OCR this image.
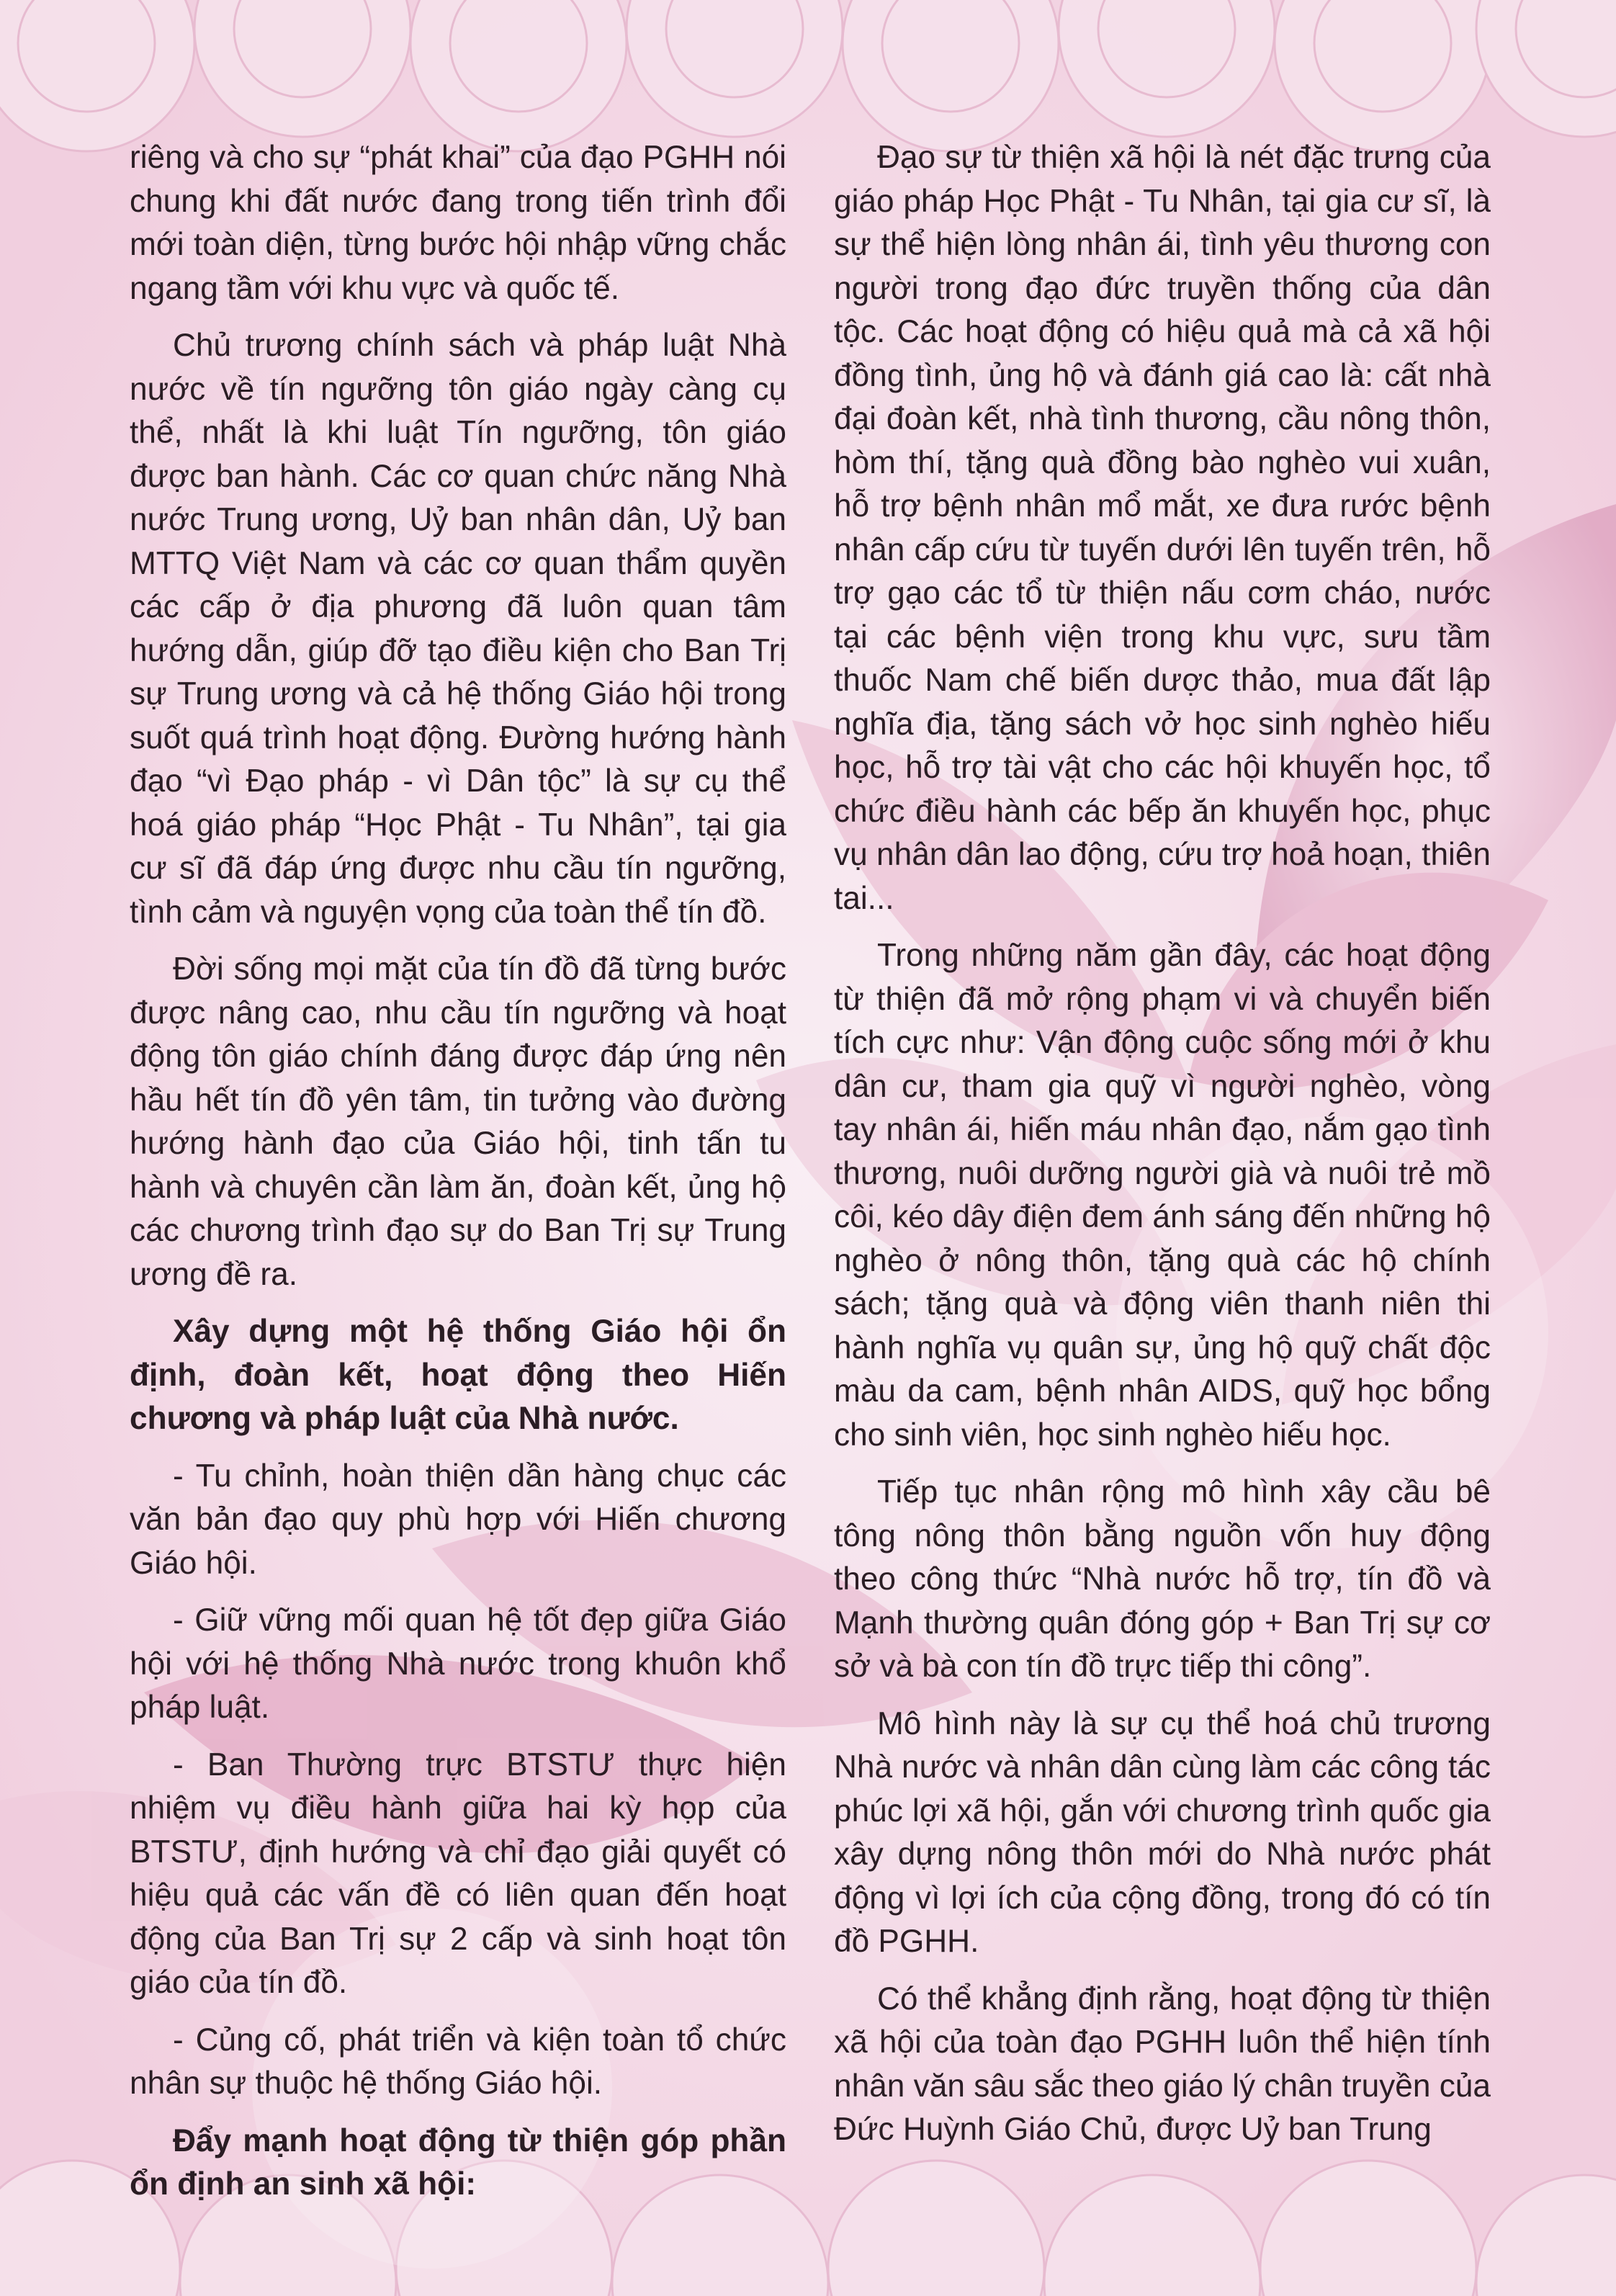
riêng và cho sự “phát khai” của đạo PGHH nói chung khi đất nước đang trong tiến trình đổi mới toàn diện, từng bước hội nhập vững chắc ngang tầm với khu vực và quốc tế.

Chủ trương chính sách và pháp luật Nhà nước về tín ngưỡng tôn giáo ngày càng cụ thể, nhất là khi luật Tín ngưỡng, tôn giáo được ban hành. Các cơ quan chức năng Nhà nước Trung ương, Uỷ ban nhân dân, Uỷ ban MTTQ Việt Nam và các cơ quan thẩm quyền các cấp ở địa phương đã luôn quan tâm hướng dẫn, giúp đỡ tạo điều kiện cho Ban Trị sự Trung ương và cả hệ thống Giáo hội trong suốt quá trình hoạt động. Đường hướng hành đạo “vì Đạo pháp - vì Dân tộc” là sự cụ thể hoá giáo pháp “Học Phật - Tu Nhân”, tại gia cư sĩ đã đáp ứng được nhu cầu tín ngưỡng, tình cảm và nguyện vọng của toàn thể tín đồ.

Đời sống mọi mặt của tín đồ đã từng bước được nâng cao, nhu cầu tín ngưỡng và hoạt động tôn giáo chính đáng được đáp ứng nên hầu hết tín đồ yên tâm, tin tưởng vào đường hướng hành đạo của Giáo hội, tinh tấn tu hành và chuyên cần làm ăn, đoàn kết, ủng hộ các chương trình đạo sự do Ban Trị sự Trung ương đề ra.

Xây dựng một hệ thống Giáo hội ổn định, đoàn kết, hoạt động theo Hiến chương và pháp luật của Nhà nước.

- Tu chỉnh, hoàn thiện dần hàng chục các văn bản đạo quy phù hợp với Hiến chương Giáo hội.

- Giữ vững mối quan hệ tốt đẹp giữa Giáo hội với hệ thống Nhà nước trong khuôn khổ pháp luật.

- Ban Thường trực BTSTƯ thực hiện nhiệm vụ điều hành giữa hai kỳ họp của BTSTƯ, định hướng và chỉ đạo giải quyết có hiệu quả các vấn đề có liên quan đến hoạt động của Ban Trị sự 2 cấp và sinh hoạt tôn giáo của tín đồ.

- Củng cố, phát triển và kiện toàn tổ chức nhân sự thuộc hệ thống Giáo hội.

Đẩy mạnh hoạt động từ thiện góp phần ổn định an sinh xã hội:

Đạo sự từ thiện xã hội là nét đặc trưng của giáo pháp Học Phật - Tu Nhân, tại gia cư sĩ, là sự thể hiện lòng nhân ái, tình yêu thương con người trong đạo đức truyền thống của dân tộc. Các hoạt động có hiệu quả mà cả xã hội đồng tình, ủng hộ và đánh giá cao là: cất nhà đại đoàn kết, nhà tình thương, cầu nông thôn, hòm thí, tặng quà đồng bào nghèo vui xuân, hỗ trợ bệnh nhân mổ mắt, xe đưa rước bệnh nhân cấp cứu từ tuyến dưới lên tuyến trên, hỗ trợ gạo các tổ từ thiện nấu cơm cháo, nước tại các bệnh viện trong khu vực, sưu tầm thuốc Nam chế biến dược thảo, mua đất lập nghĩa địa, tặng sách vở học sinh nghèo hiếu học, hỗ trợ tài vật cho các hội khuyến học, tổ chức điều hành các bếp ăn khuyến học, phục vụ nhân dân lao động, cứu trợ hoả hoạn, thiên tai...

Trong những năm gần đây, các hoạt động từ thiện đã mở rộng phạm vi và chuyển biến tích cực như: Vận động cuộc sống mới ở khu dân cư, tham gia quỹ vì người nghèo, vòng tay nhân ái, hiến máu nhân đạo, nắm gạo tình thương, nuôi dưỡng người già và nuôi trẻ mồ côi, kéo dây điện đem ánh sáng đến những hộ nghèo ở nông thôn, tặng quà các hộ chính sách; tặng quà và động viên thanh niên thi hành nghĩa vụ quân sự, ủng hộ quỹ chất độc màu da cam, bệnh nhân AIDS, quỹ học bổng cho sinh viên, học sinh nghèo hiếu học.

Tiếp tục nhân rộng mô hình xây cầu bê tông nông thôn bằng nguồn vốn huy động theo công thức “Nhà nước hỗ trợ, tín đồ và Mạnh thường quân đóng góp + Ban Trị sự cơ sở và bà con tín đồ trực tiếp thi công”.

Mô hình này là sự cụ thể hoá chủ trương Nhà nước và nhân dân cùng làm các công tác phúc lợi xã hội, gắn với chương trình quốc gia xây dựng nông thôn mới do Nhà nước phát động vì lợi ích của cộng đồng, trong đó có tín đồ PGHH.

Có thể khẳng định rằng, hoạt động từ thiện xã hội của toàn đạo PGHH luôn thể hiện tính nhân văn sâu sắc theo giáo lý chân truyền của Đức Huỳnh Giáo Chủ, được Uỷ ban Trung
